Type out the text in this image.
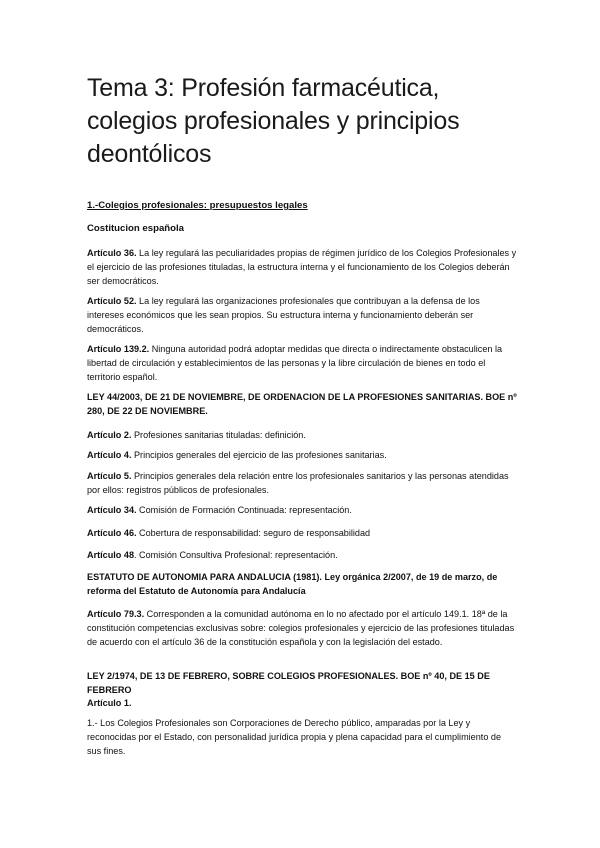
Tema 3: Profesión farmacéutica, colegios profesionales y principios deontólicos
1.-Colegios profesionales: presupuestos legales
Costitucion española
Artículo 36. La ley regulará las peculiaridades propias de régimen jurídico de los Colegios Profesionales y el ejercicio de las profesiones tituladas, la estructura interna y el funcionamiento de los Colegios deberán ser democráticos.
Artículo 52. La ley regulará las organizaciones profesionales que contribuyan a la defensa de los intereses económicos que les sean propios. Su estructura interna y funcionamiento deberán ser democráticos.
Artículo 139.2. Ninguna autoridad podrá adoptar medidas que directa o indirectamente obstaculicen la libertad de circulación y establecimientos de las personas y la libre circulación de bienes en todo el territorio español.
LEY 44/2003, DE 21 DE NOVIEMBRE, DE ORDENACION DE LA PROFESIONES SANITARIAS. BOE nº 280, DE 22 DE NOVIEMBRE.
Artículo 2. Profesiones sanitarias tituladas: definición.
Artículo 4. Principios generales del ejercicio de las profesiones sanitarias.
Artículo 5. Principios generales dela relación entre los profesionales sanitarios y las personas atendidas por ellos: registros públicos de profesionales.
Artículo 34. Comisión de Formación Continuada: representación.
Artículo 46. Cobertura de responsabilidad: seguro de responsabilidad
Artículo 48. Comisión Consultiva Profesional: representación.
ESTATUTO DE AUTONOMIA PARA ANDALUCIA (1981). Ley orgánica 2/2007, de 19 de marzo, de reforma del Estatuto de Autonomía para Andalucía
Artículo 79.3. Corresponden a la comunidad autónoma en lo no afectado por el artículo 149.1. 18ª de la constitución competencias exclusivas sobre: colegios profesionales y ejercicio de las profesiones tituladas de acuerdo con el artículo 36 de la constitución española y con la legislación del estado.
LEY 2/1974, DE 13 DE FEBRERO, SOBRE COLEGIOS PROFESIONALES. BOE nº 40, DE 15 DE FEBRERO
Artículo 1.
1.- Los Colegios Profesionales son Corporaciones de Derecho público, amparadas por la Ley y reconocidas por el Estado, con personalidad jurídica propia y plena capacidad para el cumplimiento de sus fines.
